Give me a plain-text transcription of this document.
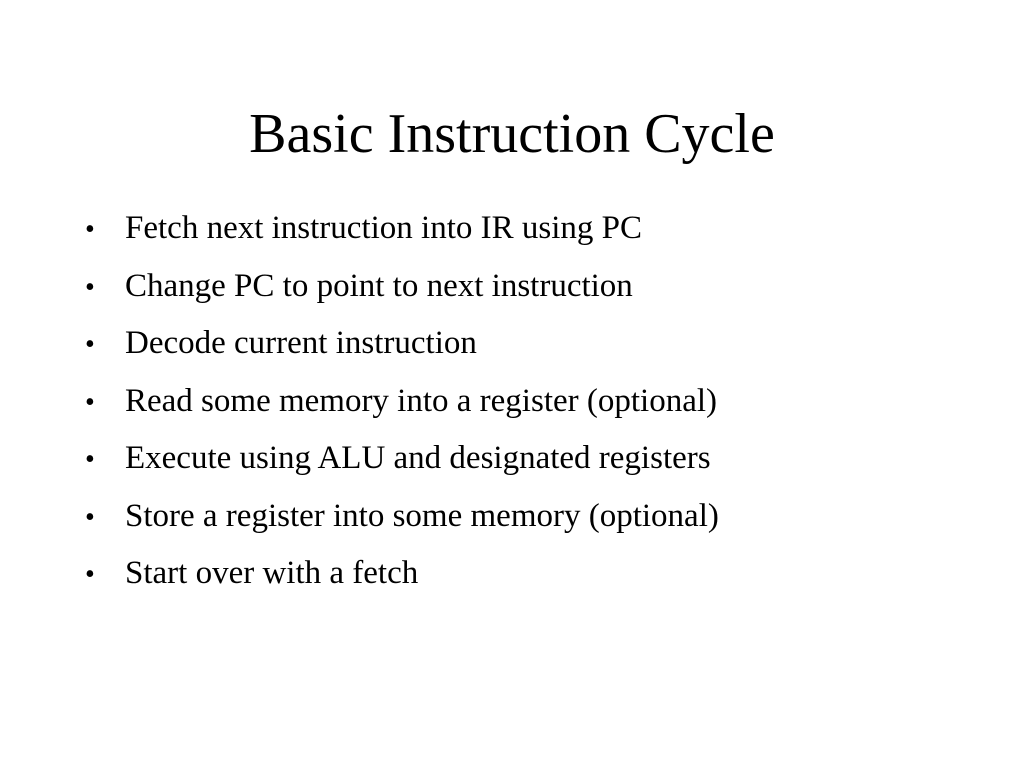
Basic Instruction Cycle
• Fetch next instruction into IR using PC
• Change PC to point to next instruction
• Decode current instruction
• Read some memory into a register (optional)
• Execute using ALU and designated registers
• Store a register into some memory (optional)
• Start over with a fetch
